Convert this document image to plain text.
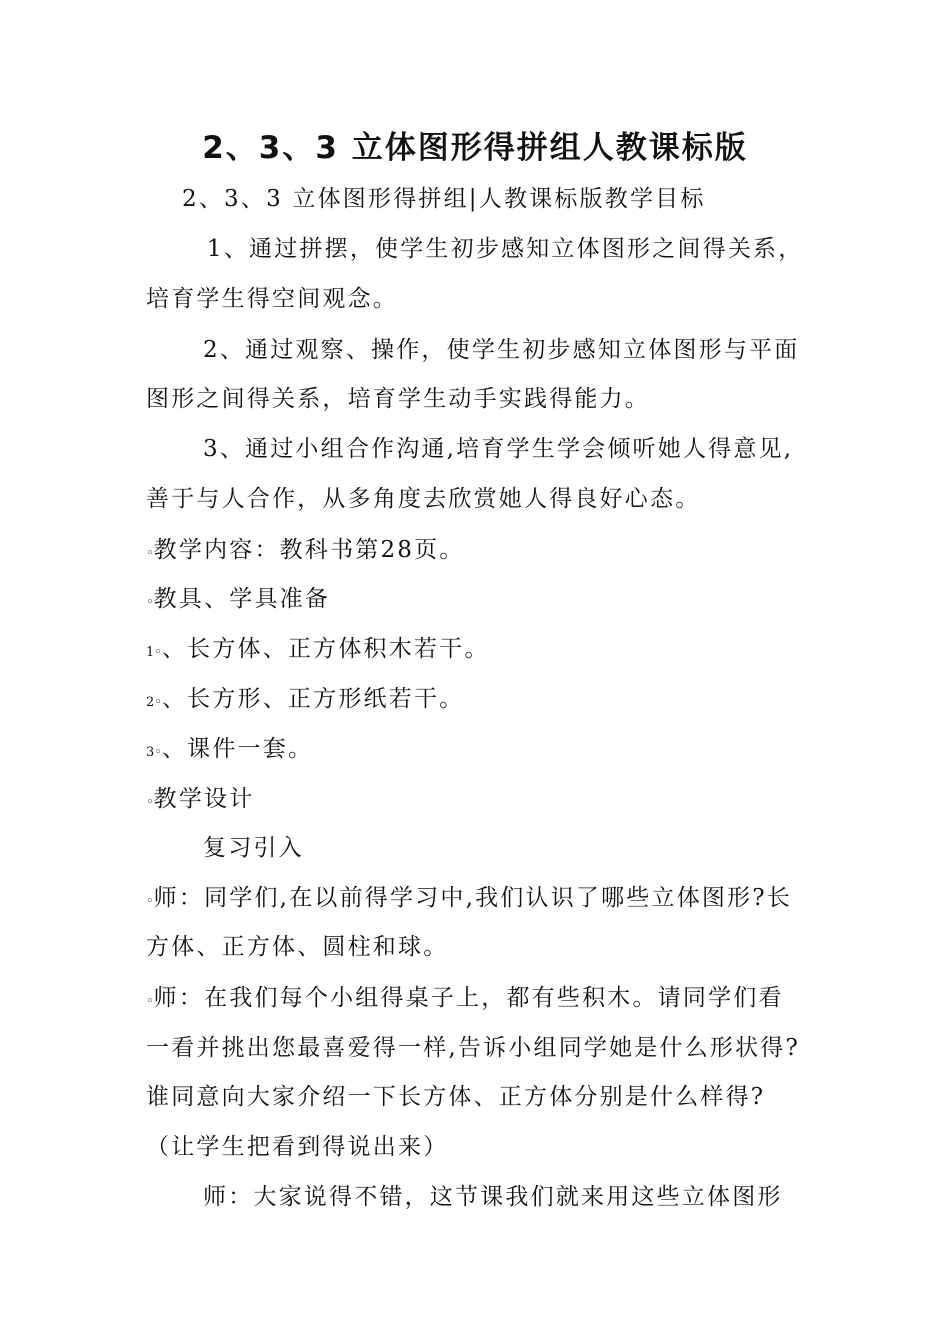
2、3、3 立体图形得拼组人教课标版
2、3、3 立体图形得拼组|人教课标版教学目标
1、通过拼摆，使学生初步感知立体图形之间得关系，
培育学生得空间观念。
2、通过观察、操作，使学生初步感知立体图形与平面
图形之间得关系，培育学生动手实践得能力。
3、通过小组合作沟通,培育学生学会倾听她人得意见,
善于与人合作，从多角度去欣赏她人得良好心态。
◦教学内容：教科书第28页。
◦教具、学具准备
1◦、长方体、正方体积木若干。
2◦、长方形、正方形纸若干。
3◦、课件一套。
◦教学设计
复习引入
◦师：同学们,在以前得学习中,我们认识了哪些立体图形?长
方体、正方体、圆柱和球。
◦师：在我们每个小组得桌子上，都有些积木。请同学们看
一看并挑出您最喜爱得一样,告诉小组同学她是什么形状得?
谁同意向大家介绍一下长方体、正方体分别是什么样得?
（让学生把看到得说出来）
师：大家说得不错，这节课我们就来用这些立体图形
